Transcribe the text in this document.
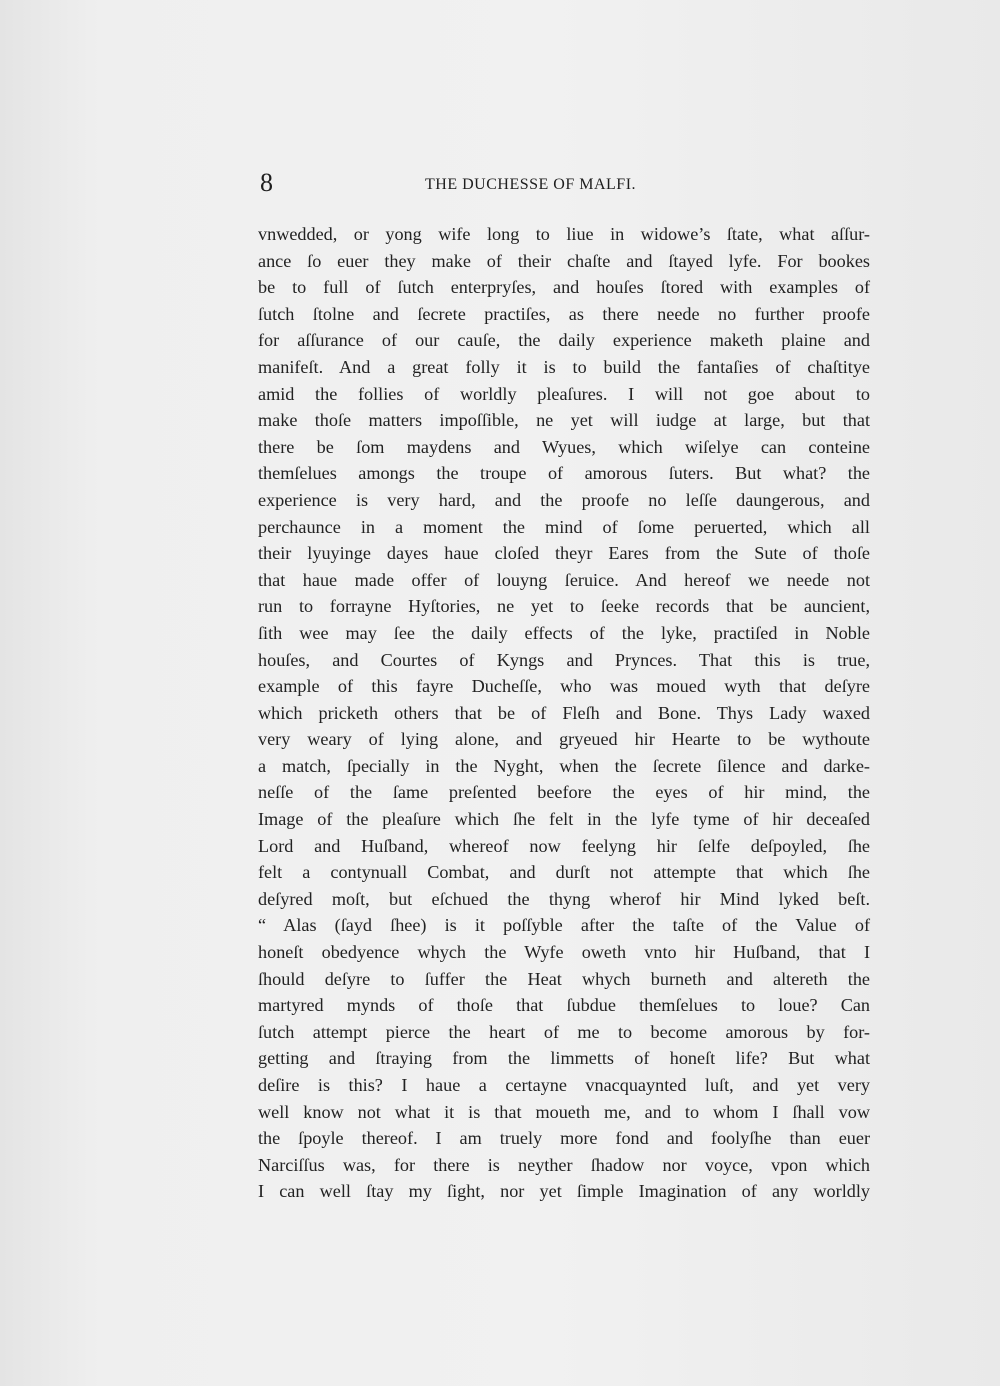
8	THE DUCHESSE OF MALFI.
vnwedded, or yong wife long to liue in widowe’s ſtate, what aſſur-
ance ſo euer they make of their chaſte and ſtayed lyfe. For bookes
be to full of ſutch enterpryſes, and houſes ſtored with examples of
ſutch ſtolne and ſecrete practiſes, as there neede no further proofe
for aſſurance of our cauſe, the daily experience maketh plaine and
manifeſt. And a great folly it is to build the fantaſies of chaſtitye
amid the follies of worldly pleaſures. I will not goe about to
make thoſe matters impoſſible, ne yet will iudge at large, but that
there be ſom maydens and Wyues, which wiſelye can conteine
themſelues amongs the troupe of amorous ſuters. But what? the
experience is very hard, and the proofe no leſſe daungerous, and
perchaunce in a moment the mind of ſome peruerted, which all
their lyuyinge dayes haue cloſed theyr Eares from the Sute of thoſe
that haue made offer of louyng ſeruice. And hereof we neede not
run to forrayne Hyſtories, ne yet to ſeeke records that be auncient,
ſith wee may ſee the daily effects of the lyke, practiſed in Noble
houſes, and Courtes of Kyngs and Prynces. That this is true,
example of this fayre Ducheſſe, who was moued wyth that deſyre
which pricketh others that be of Fleſh and Bone. Thys Lady waxed
very weary of lying alone, and gryeued hir Hearte to be wythoute
a match, ſpecially in the Nyght, when the ſecrete ſilence and darke-
neſſe of the ſame preſented beefore the eyes of hir mind, the
Image of the pleaſure which ſhe felt in the lyfe tyme of hir deceaſed
Lord and Huſband, whereof now feelyng hir ſelfe deſpoyled, ſhe
felt a contynuall Combat, and durſt not attempte that which ſhe
deſyred moſt, but eſchued the thyng wherof hir Mind lyked beſt.
“ Alas (ſayd ſhee) is it poſſyble after the taſte of the Value of
honeſt obedyence whych the Wyfe oweth vnto hir Huſband, that I
ſhould deſyre to ſuffer the Heat whych burneth and altereth the
martyred mynds of thoſe that ſubdue themſelues to loue? Can
ſutch attempt pierce the heart of me to become amorous by for-
getting and ſtraying from the limmetts of honeſt life? But what
deſire is this? I haue a certayne vnacquaynted luſt, and yet very
well know not what it is that moueth me, and to whom I ſhall vow
the ſpoyle thereof. I am truely more fond and foolyſhe than euer
Narciſſus was, for there is neyther ſhadow nor voyce, vpon which
I can well ſtay my ſight, nor yet ſimple Imagination of any worldly
